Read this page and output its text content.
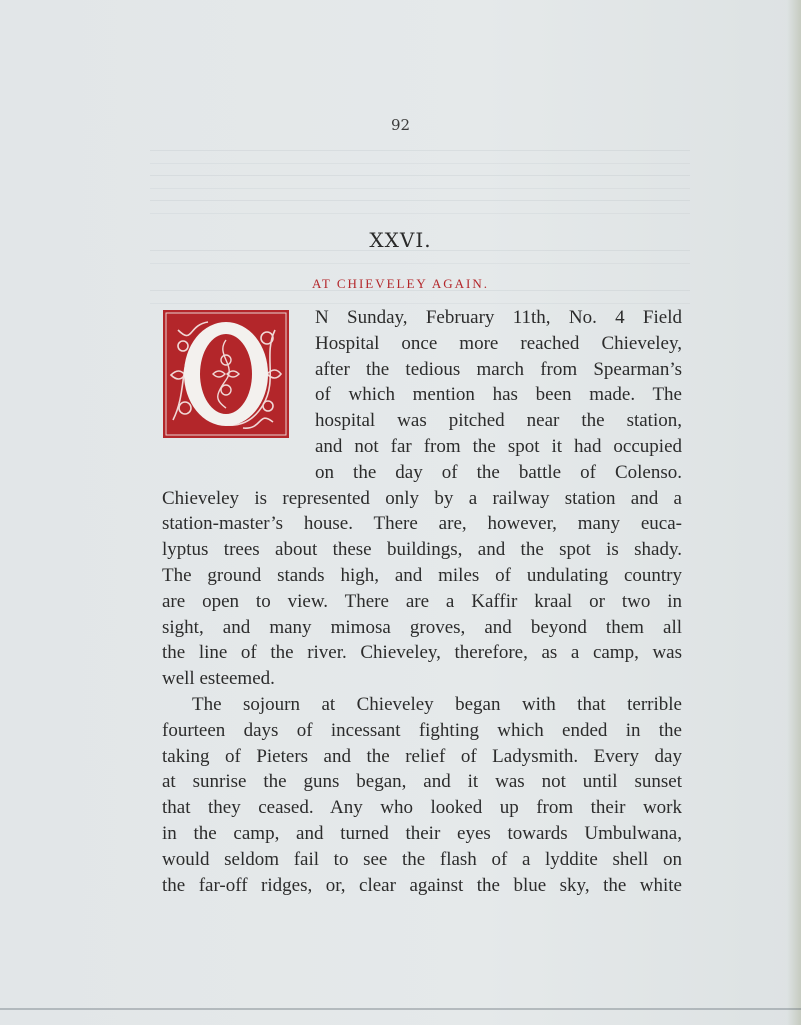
92
XXVI.
AT CHIEVELEY AGAIN.
N Sunday, February 11th, No. 4 Field
Hospital once more reached Chieveley,
after the tedious march from Spearman’s
of which mention has been made. The
hospital was pitched near the station,
and not far from the spot it had occupied
on the day of the battle of Colenso.
Chieveley is represented only by a railway station and a
station-master’s house. There are, however, many euca-
lyptus trees about these buildings, and the spot is shady.
The ground stands high, and miles of undulating country
are open to view. There are a Kaffir kraal or two in
sight, and many mimosa groves, and beyond them all
the line of the river. Chieveley, therefore, as a camp, was
well esteemed.
The sojourn at Chieveley began with that terrible
fourteen days of incessant fighting which ended in the
taking of Pieters and the relief of Ladysmith. Every day
at sunrise the guns began, and it was not until sunset
that they ceased. Any who looked up from their work
in the camp, and turned their eyes towards Umbulwana,
would seldom fail to see the flash of a lyddite shell on
the far-off ridges, or, clear against the blue sky, the white
